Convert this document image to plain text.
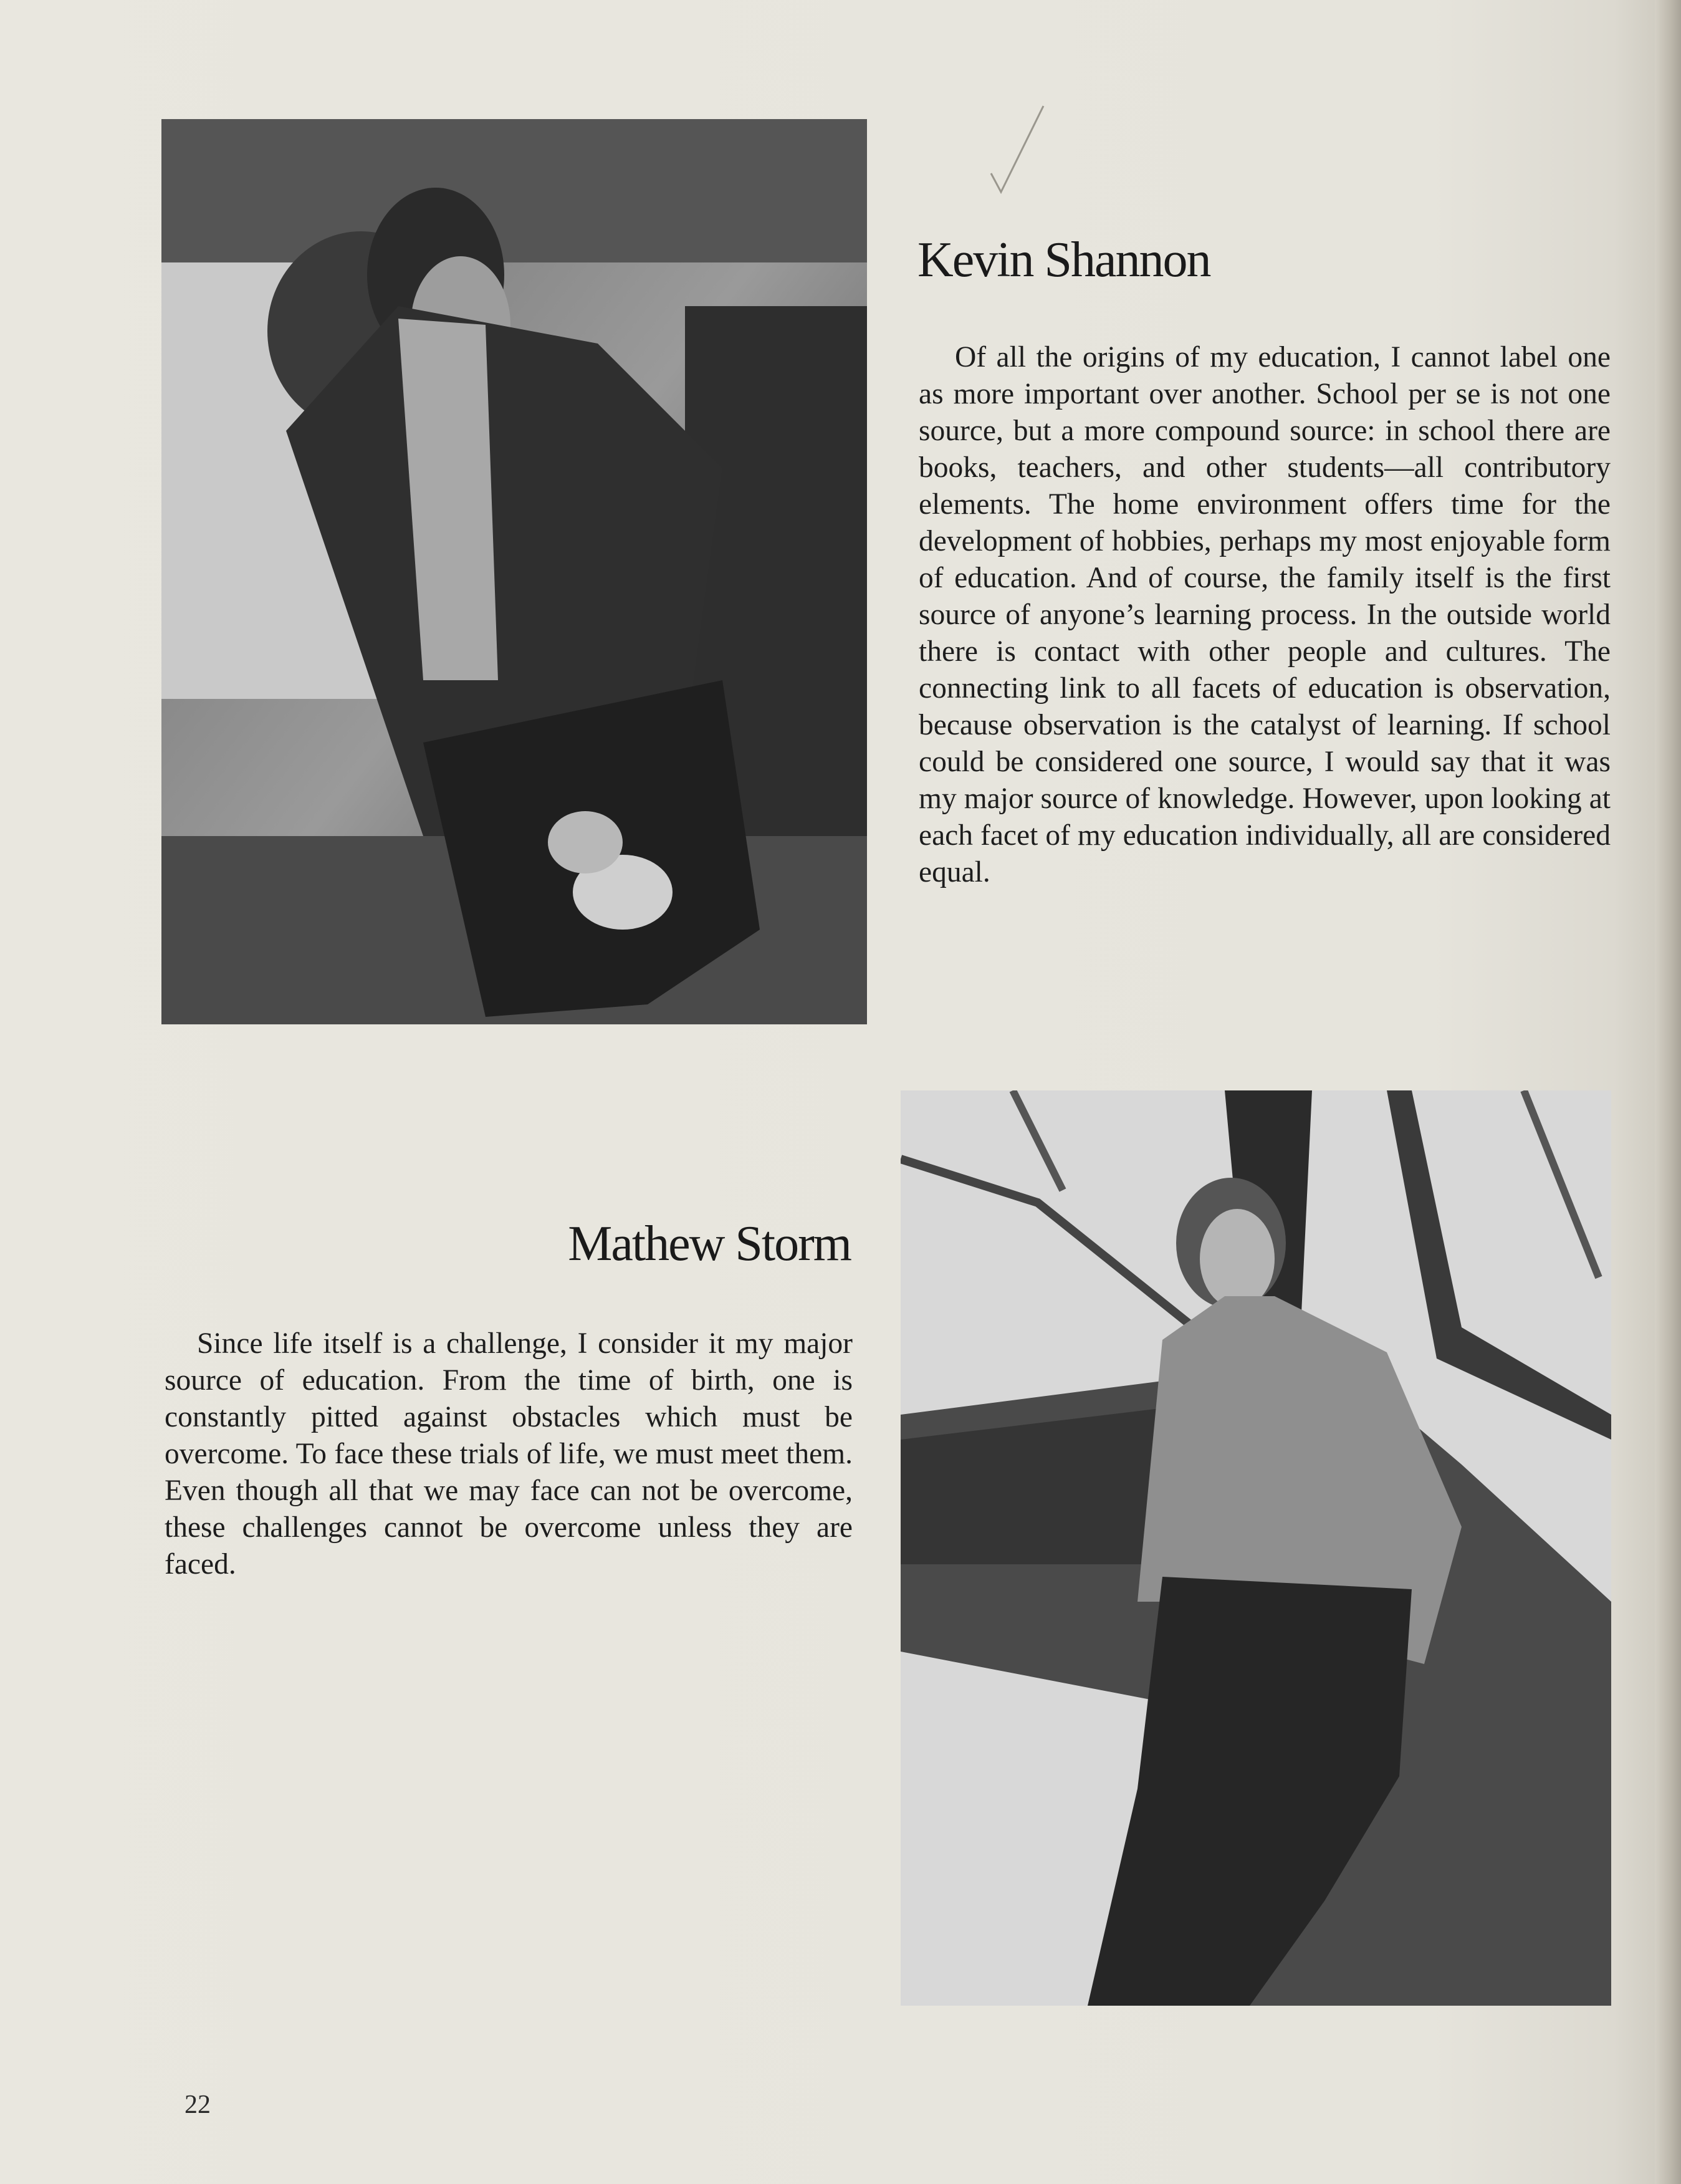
Kevin Shannon

Of all the origins of my education, I cannot label one as more important over another. School per se is not one source, but a more compound source: in school there are books, teachers, and other students—all contributory elements. The home environment offers time for the development of hobbies, perhaps my most enjoyable form of education. And of course, the family itself is the first source of anyone’s learning process. In the outside world there is contact with other people and cultures. The connecting link to all facets of education is observation, because observation is the catalyst of learning. If school could be considered one source, I would say that it was my major source of knowledge. However, upon looking at each facet of my education individually, all are considered equal.

Mathew Storm

Since life itself is a challenge, I consider it my major source of education. From the time of birth, one is constantly pitted against obstacles which must be overcome. To face these trials of life, we must meet them. Even though all that we may face can not be overcome, these challenges cannot be overcome unless they are faced.

22
